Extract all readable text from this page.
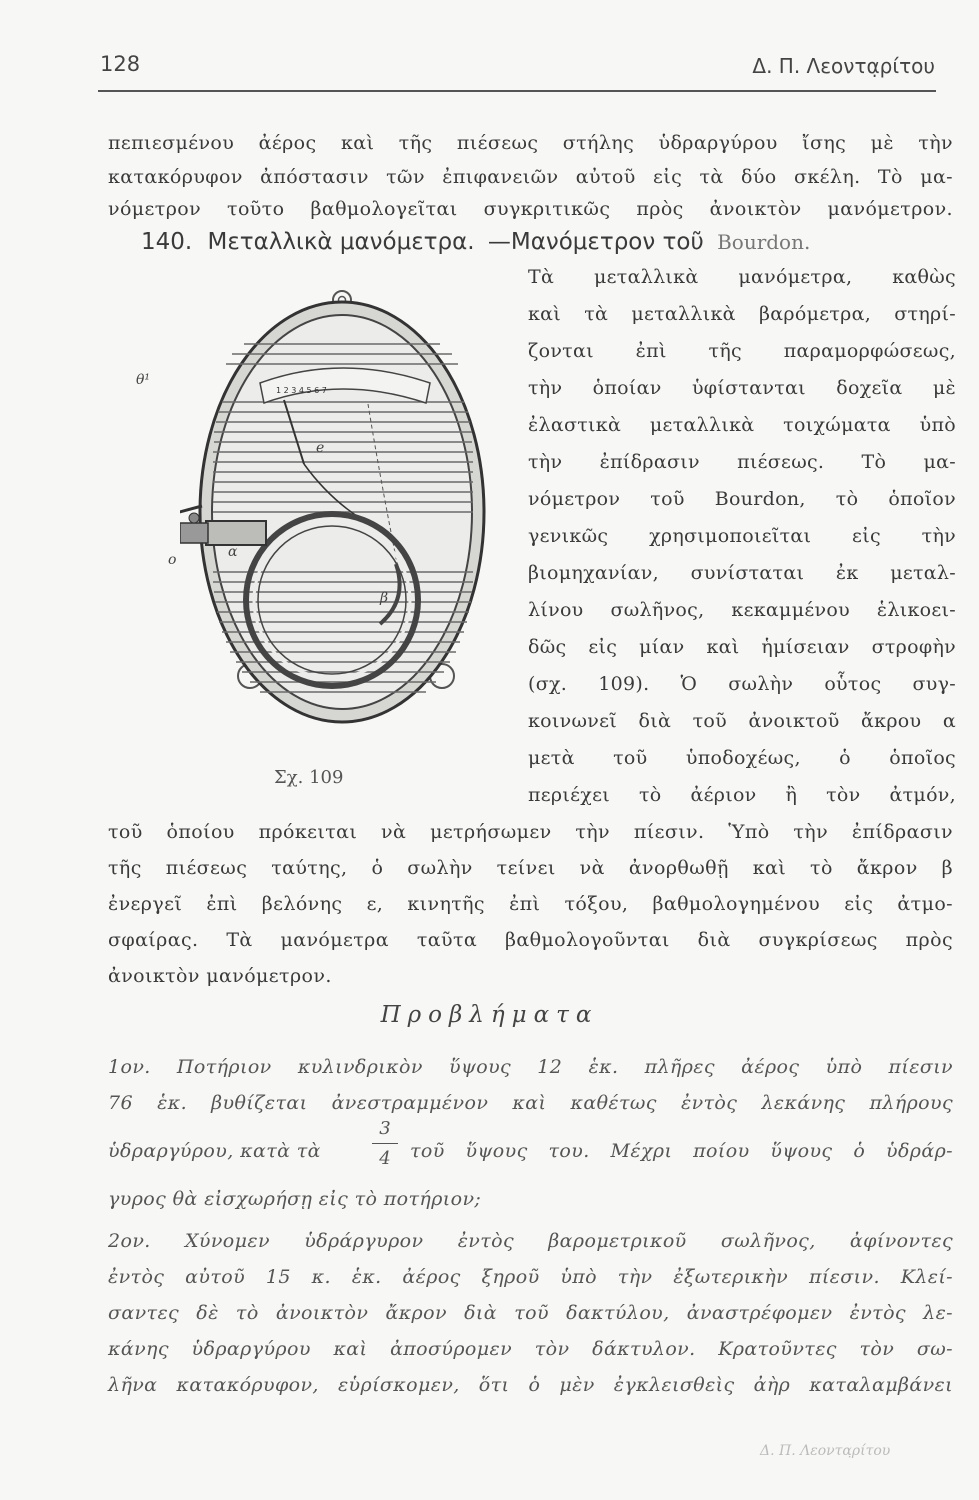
128	Δ. Π. Λεοντα̣ρίτου
πεπιεσμένου ἀέρος καὶ τῆς πιέσεως στήλης ὑδραργύρου ἴσης μὲ τὴν
κατακόρυφον ἀπόστασιν τῶν ἐπιφανειῶν αὐτοῦ εἰς τὰ δύο σκέλη. Τὸ μα-
νόμετρον τοῦτο βαθμολογεῖται συγκριτικῶς πρὸς ἀνοικτὸν μανόμετρον.
140. Μεταλλικὰ μανόμετρα. —Μανόμετρον τοῦ Bourdon.
1 2 3 4 5 6 7
θ¹
e
α
o
β
Σχ. 109
Τὰ μεταλλικὰ μανόμετρα, καθὼς
καὶ τὰ μεταλλικὰ βαρόμετρα, στηρί-
ζονται ἐπὶ τῆς παραμορφώσεως,
τὴν ὁποίαν ὑφίστανται δοχεῖα μὲ
ἐλαστικὰ μεταλλικὰ τοιχώματα ὑπὸ
τὴν ἐπίδρασιν πιέσεως. Τὸ μα-
νόμετρον τοῦ Bourdon, τὸ ὁποῖον
γενικῶς χρησιμοποιεῖται εἰς τὴν
βιομηχανίαν, συνίσταται ἐκ μεταλ-
λίνου σωλῆνος, κεκαμμένου ἑλικοει-
δῶς εἰς μίαν καὶ ἡμίσειαν στροφὴν
(σχ. 109). Ὁ σωλὴν οὗτος συγ-
κοινωνεῖ διὰ τοῦ ἀνοικτοῦ ἄκρου α
μετὰ τοῦ ὑποδοχέως, ὁ ὁποῖος
περιέχει τὸ ἀέριον ἢ τὸν ἀτμόν,
τοῦ ὁποίου πρόκειται νὰ μετρήσωμεν τὴν πίεσιν. Ὑπὸ τὴν ἐπίδρασιν
τῆς πιέσεως ταύτης, ὁ σωλὴν τείνει νὰ ἀνορθωθῇ καὶ τὸ ἄκρον β
ἐνεργεῖ ἐπὶ βελόνης ε, κινητῆς ἐπὶ τόξου, βαθμολογημένου εἰς ἀτμο-
σφαίρας. Τὰ μανόμετρα ταῦτα βαθμολογοῦνται διὰ συγκρίσεως πρὸς
ἀνοικτὸν μανόμετρον.
Προβλήματα
1ον. Ποτήριον κυλινδρικὸν ὕψους 12 ἑκ. πλῆρες ἀέρος ὑπὸ πίεσιν
76 ἑκ. βυθίζεται ἀνεστραμμένον καὶ καθέτως ἐντὸς λεκάνης πλήρους
ὑδραργύρου, κατὰ τὰ
3
4	τοῦ ὕψους του. Μέχρι ποίου ὕψους ὁ ὑδράρ-
γυρος θὰ εἰσχωρήσῃ εἰς τὸ ποτήριον;
2ον. Χύνομεν ὑδράργυρον ἐντὸς βαρομετρικοῦ σωλῆνος, ἀφίνοντες
ἐντὸς αὐτοῦ 15 κ. ἑκ. ἀέρος ξηροῦ ὑπὸ τὴν ἐξωτερικὴν πίεσιν. Κλεί-
σαντες δὲ τὸ ἀνοικτὸν ἄκρον διὰ τοῦ δακτύλου, ἀναστρέφομεν ἐντὸς λε-
κάνης ὑδραργύρου καὶ ἀποσύρομεν τὸν δάκτυλον. Κρατοῦντες τὸν σω-
λῆνα κατακόρυφον, εὑρίσκομεν, ὅτι ὁ μὲν ἐγκλεισθεὶς ἀὴρ καταλαμβάνει
Δ. Π. Λεοντα̣ρίτου
